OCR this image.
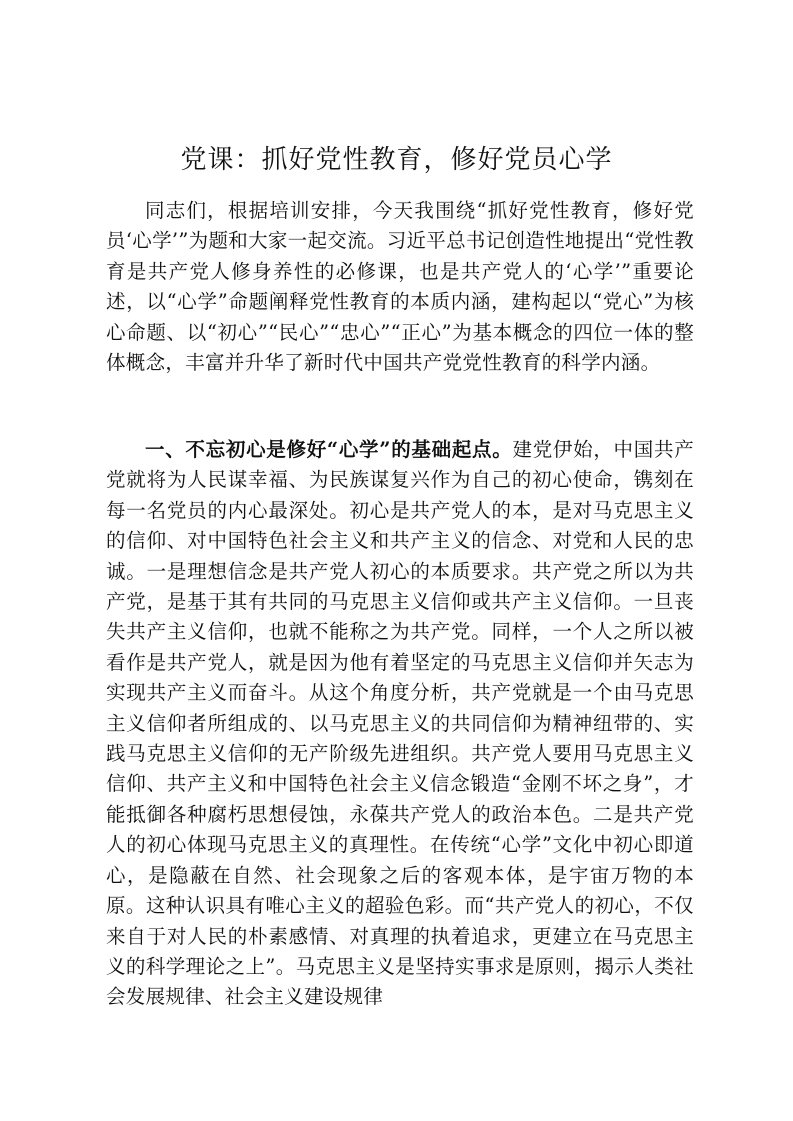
党课：抓好党性教育，修好党员心学

同志们，根据培训安排，今天我围绕“抓好党性教育，修好党员‘心学’”为题和大家一起交流。习近平总书记创造性地提出“党性教育是共产党人修身养性的必修课，也是共产党人的‘心学’”重要论述，以“心学”命题阐释党性教育的本质内涵，建构起以“党心”为核心命题、以“初心”“民心”“忠心”“正心”为基本概念的四位一体的整体概念，丰富并升华了新时代中国共产党党性教育的科学内涵。

一、不忘初心是修好“心学”的基础起点。建党伊始，中国共产党就将为人民谋幸福、为民族谋复兴作为自己的初心使命，镌刻在每一名党员的内心最深处。初心是共产党人的本，是对马克思主义的信仰、对中国特色社会主义和共产主义的信念、对党和人民的忠诚。一是理想信念是共产党人初心的本质要求。共产党之所以为共产党，是基于其有共同的马克思主义信仰或共产主义信仰。一旦丧失共产主义信仰，也就不能称之为共产党。同样，一个人之所以被看作是共产党人，就是因为他有着坚定的马克思主义信仰并矢志为实现共产主义而奋斗。从这个角度分析，共产党就是一个由马克思主义信仰者所组成的、以马克思主义的共同信仰为精神纽带的、实践马克思主义信仰的无产阶级先进组织。共产党人要用马克思主义信仰、共产主义和中国特色社会主义信念锻造“金刚不坏之身”，才能抵御各种腐朽思想侵蚀，永葆共产党人的政治本色。二是共产党人的初心体现马克思主义的真理性。在传统“心学”文化中初心即道心，是隐蔽在自然、社会现象之后的客观本体，是宇宙万物的本原。这种认识具有唯心主义的超验色彩。而“共产党人的初心，不仅来自于对人民的朴素感情、对真理的执着追求，更建立在马克思主义的科学理论之上”。马克思主义是坚持实事求是原则，揭示人类社会发展规律、社会主义建设规律
